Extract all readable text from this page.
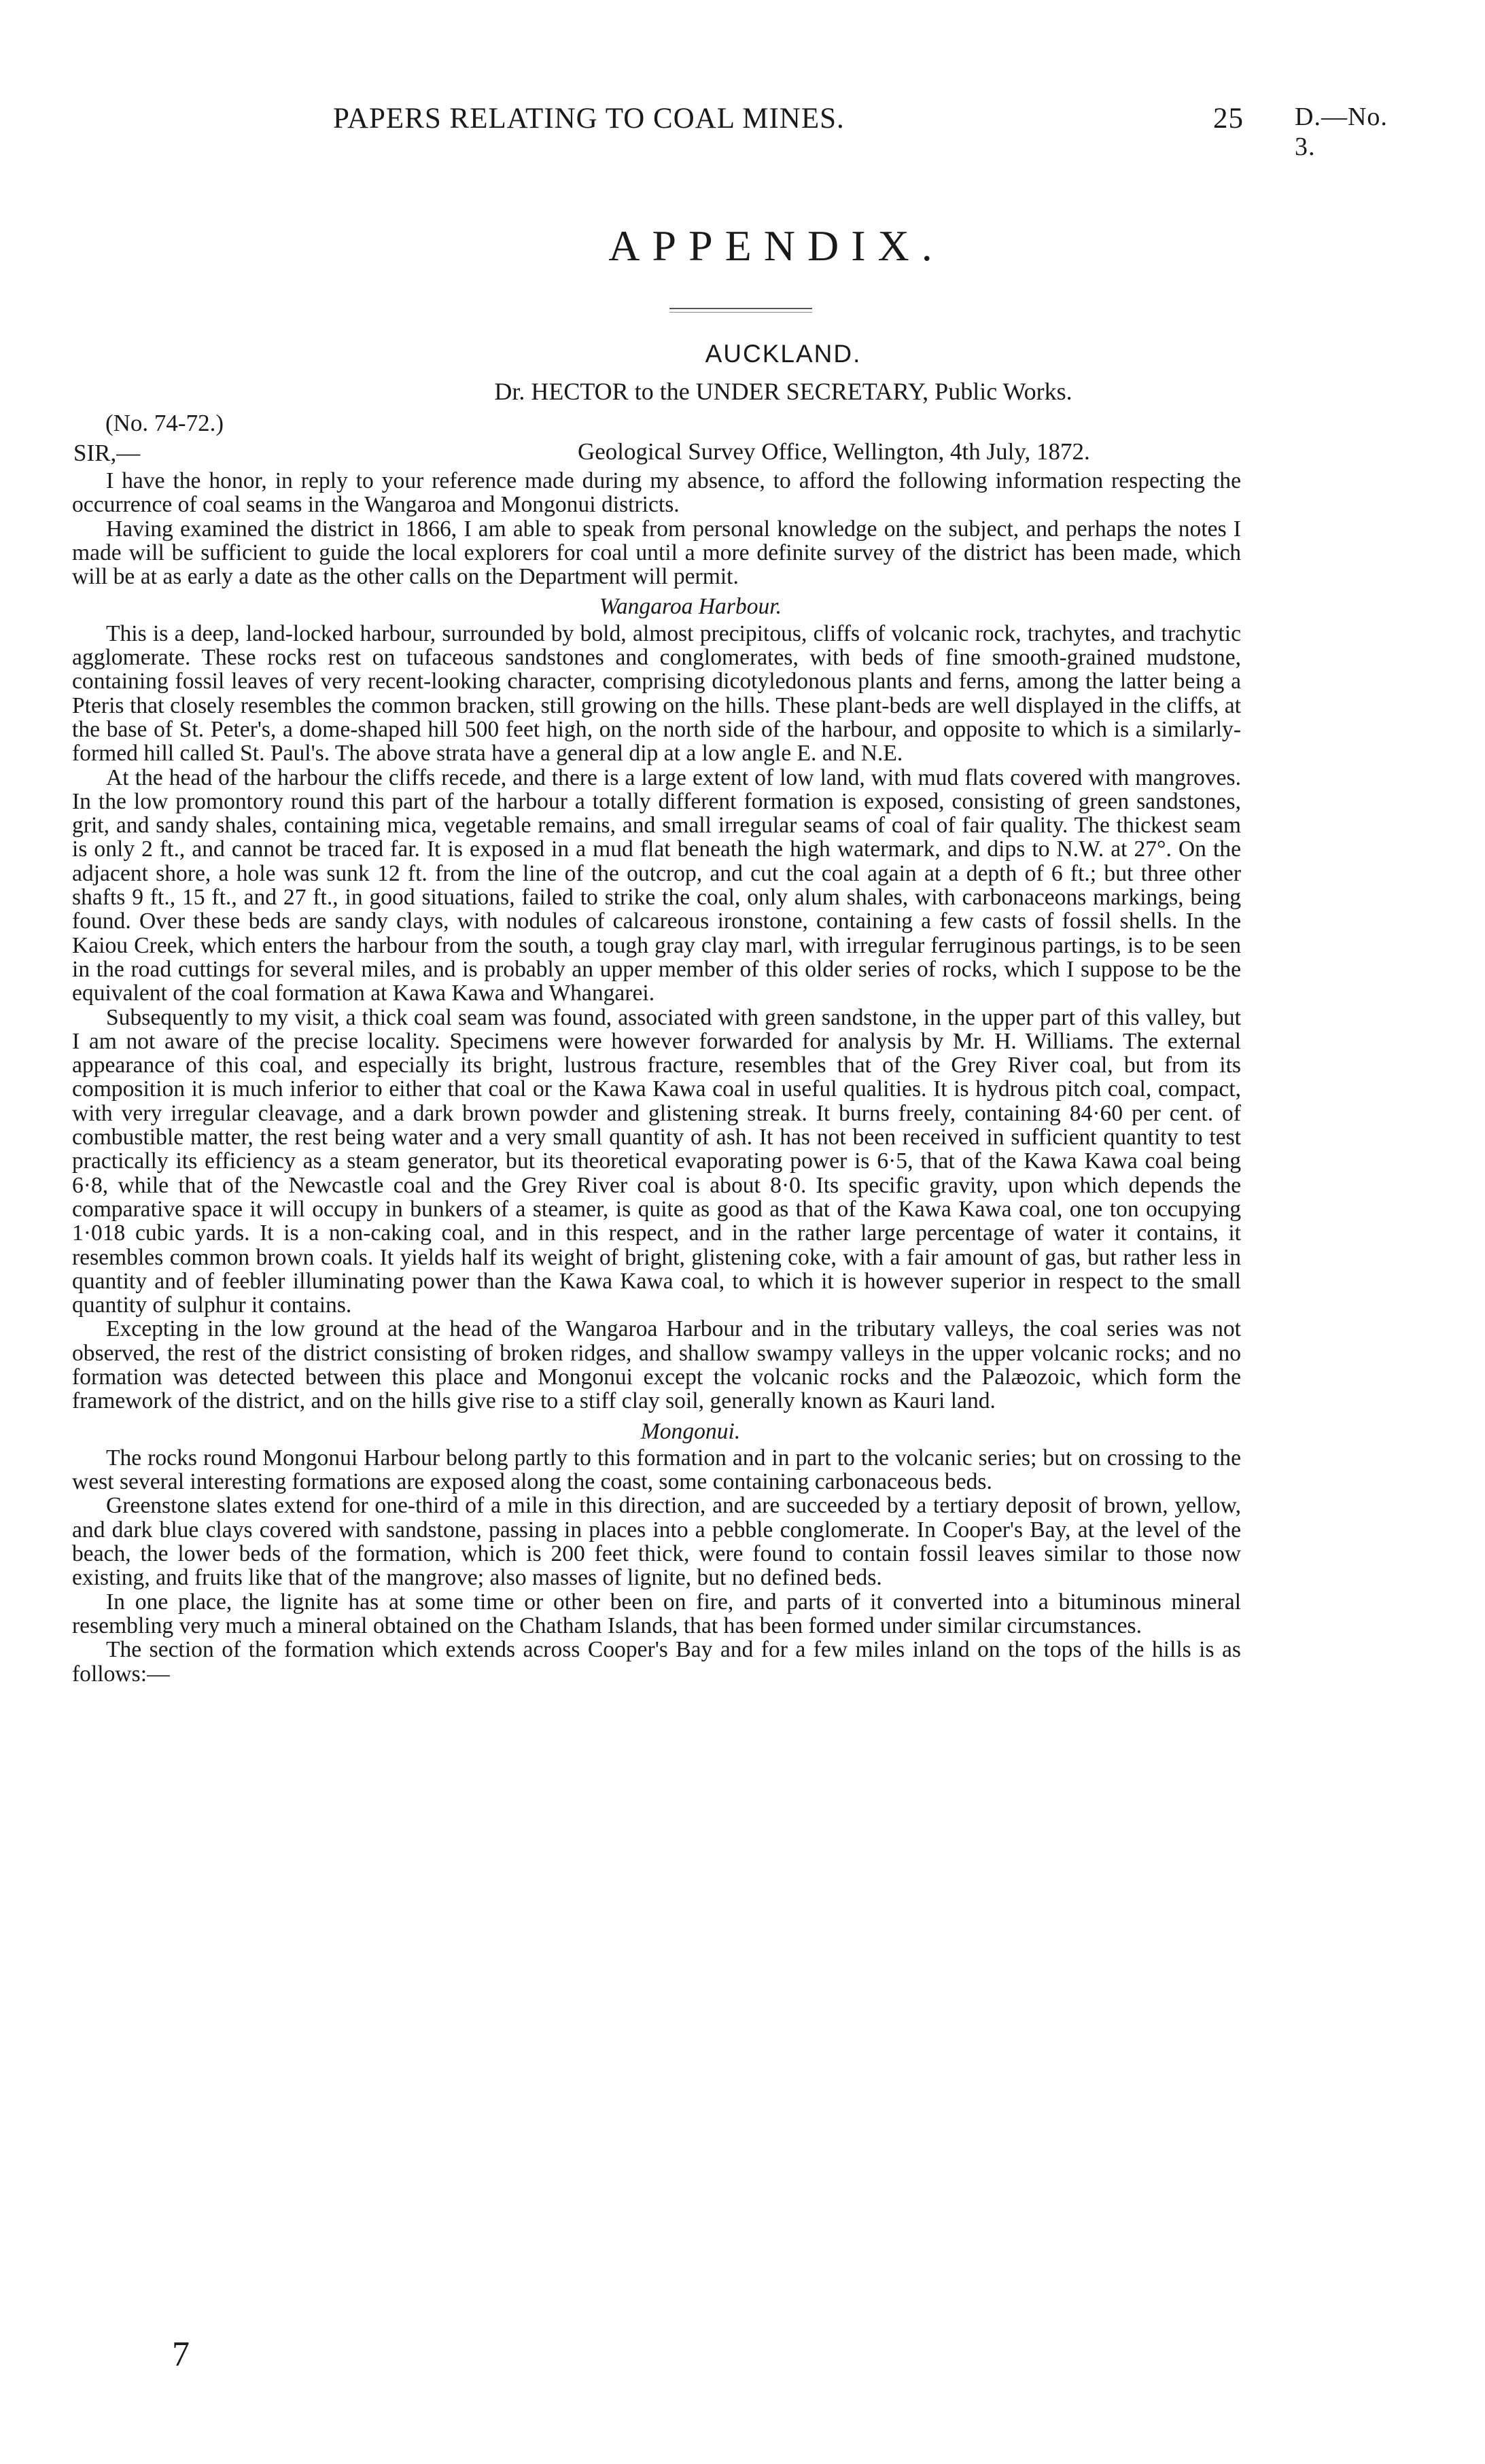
PAPERS RELATING TO COAL MINES.	25 D.—No. 3.
APPENDIX.
AUCKLAND.
Dr. HECTOR to the UNDER SECRETARY, Public Works.
(No. 74-72.)
SIR,—	Geological Survey Office, Wellington, 4th July, 1872.

I have the honor, in reply to your reference made during my absence, to afford the following information respecting the occurrence of coal seams in the Wangaroa and Mongonui districts.

Having examined the district in 1866, I am able to speak from personal knowledge on the subject, and perhaps the notes I made will be sufficient to guide the local explorers for coal until a more definite survey of the district has been made, which will be at as early a date as the other calls on the Department will permit.

Wangaroa Harbour.

This is a deep, land-locked harbour, surrounded by bold, almost precipitous, cliffs of volcanic rock, trachytes, and trachytic agglomerate. These rocks rest on tufaceous sandstones and conglomerates, with beds of fine smooth-grained mudstone, containing fossil leaves of very recent-looking character, comprising dicotyledonous plants and ferns, among the latter being a Pteris that closely resembles the common bracken, still growing on the hills. These plant-beds are well displayed in the cliffs, at the base of St. Peter's, a dome-shaped hill 500 feet high, on the north side of the harbour, and opposite to which is a similarly-formed hill called St. Paul's. The above strata have a general dip at a low angle E. and N.E.

At the head of the harbour the cliffs recede, and there is a large extent of low land, with mud flats covered with mangroves. In the low promontory round this part of the harbour a totally different formation is exposed, consisting of green sandstones, grit, and sandy shales, containing mica, vegetable remains, and small irregular seams of coal of fair quality. The thickest seam is only 2 ft., and cannot be traced far. It is exposed in a mud flat beneath the high watermark, and dips to N.W. at 27°. On the adjacent shore, a hole was sunk 12 ft. from the line of the outcrop, and cut the coal again at a depth of 6 ft.; but three other shafts 9 ft., 15 ft., and 27 ft., in good situations, failed to strike the coal, only alum shales, with carbonaceons markings, being found. Over these beds are sandy clays, with nodules of calcareous ironstone, containing a few casts of fossil shells. In the Kaiou Creek, which enters the harbour from the south, a tough gray clay marl, with irregular ferruginous partings, is to be seen in the road cuttings for several miles, and is probably an upper member of this older series of rocks, which I suppose to be the equivalent of the coal formation at Kawa Kawa and Whangarei.

Subsequently to my visit, a thick coal seam was found, associated with green sandstone, in the upper part of this valley, but I am not aware of the precise locality. Specimens were however forwarded for analysis by Mr. H. Williams. The external appearance of this coal, and especially its bright, lustrous fracture, resembles that of the Grey River coal, but from its composition it is much inferior to either that coal or the Kawa Kawa coal in useful qualities. It is hydrous pitch coal, compact, with very irregular cleavage, and a dark brown powder and glistening streak. It burns freely, containing 84·60 per cent. of combustible matter, the rest being water and a very small quantity of ash. It has not been received in sufficient quantity to test practically its efficiency as a steam generator, but its theoretical evaporating power is 6·5, that of the Kawa Kawa coal being 6·8, while that of the Newcastle coal and the Grey River coal is about 8·0. Its specific gravity, upon which depends the comparative space it will occupy in bunkers of a steamer, is quite as good as that of the Kawa Kawa coal, one ton occupying 1·018 cubic yards. It is a non-caking coal, and in this respect, and in the rather large percentage of water it contains, it resembles common brown coals. It yields half its weight of bright, glistening coke, with a fair amount of gas, but rather less in quantity and of feebler illuminating power than the Kawa Kawa coal, to which it is however superior in respect to the small quantity of sulphur it contains.

Excepting in the low ground at the head of the Wangaroa Harbour and in the tributary valleys, the coal series was not observed, the rest of the district consisting of broken ridges, and shallow swampy valleys in the upper volcanic rocks; and no formation was detected between this place and Mongonui except the volcanic rocks and the Palæozoic, which form the framework of the district, and on the hills give rise to a stiff clay soil, generally known as Kauri land.

Mongonui.

The rocks round Mongonui Harbour belong partly to this formation and in part to the volcanic series; but on crossing to the west several interesting formations are exposed along the coast, some containing carbonaceous beds.

Greenstone slates extend for one-third of a mile in this direction, and are succeeded by a tertiary deposit of brown, yellow, and dark blue clays covered with sandstone, passing in places into a pebble conglomerate. In Cooper's Bay, at the level of the beach, the lower beds of the formation, which is 200 feet thick, were found to contain fossil leaves similar to those now existing, and fruits like that of the mangrove; also masses of lignite, but no defined beds.

In one place, the lignite has at some time or other been on fire, and parts of it converted into a bituminous mineral resembling very much a mineral obtained on the Chatham Islands, that has been formed under similar circumstances.

The section of the formation which extends across Cooper's Bay and for a few miles inland on the tops of the hills is as follows:—

7
